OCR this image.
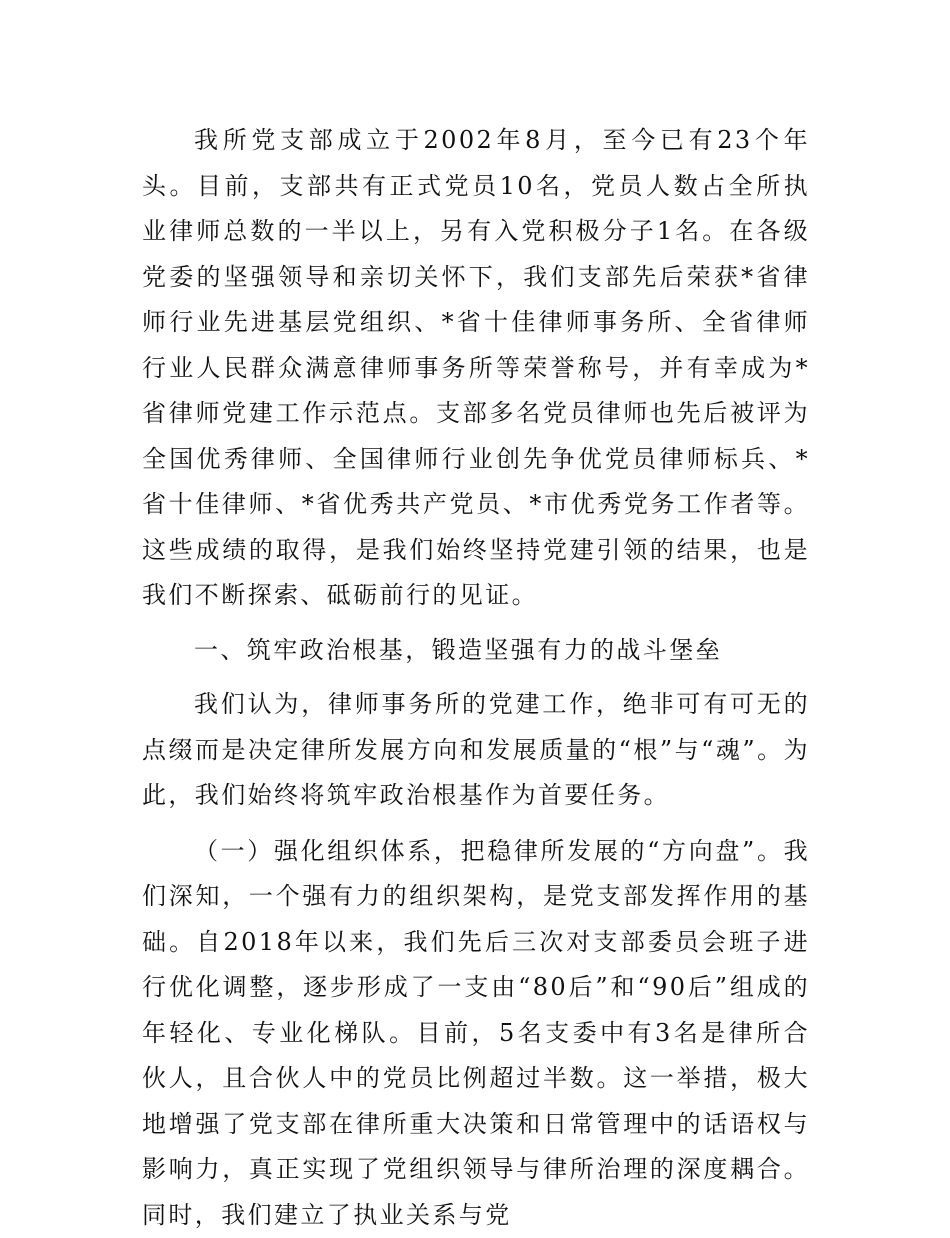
我所党支部成立于2002年8月，至今已有23个年头。目前，支部共有正式党员10名，党员人数占全所执业律师总数的一半以上，另有入党积极分子1名。在各级党委的坚强领导和亲切关怀下，我们支部先后荣获*省律师行业先进基层党组织、*省十佳律师事务所、全省律师行业人民群众满意律师事务所等荣誉称号，并有幸成为*省律师党建工作示范点。支部多名党员律师也先后被评为全国优秀律师、全国律师行业创先争优党员律师标兵、*省十佳律师、*省优秀共产党员、*市优秀党务工作者等。这些成绩的取得，是我们始终坚持党建引领的结果，也是我们不断探索、砥砺前行的见证。

一、筑牢政治根基，锻造坚强有力的战斗堡垒

我们认为，律师事务所的党建工作，绝非可有可无的点缀而是决定律所发展方向和发展质量的“根”与“魂”。为此，我们始终将筑牢政治根基作为首要任务。

（一）强化组织体系，把稳律所发展的“方向盘”。我们深知，一个强有力的组织架构，是党支部发挥作用的基础。自2018年以来，我们先后三次对支部委员会班子进行优化调整，逐步形成了一支由“80后”和“90后”组成的年轻化、专业化梯队。目前，5名支委中有3名是律所合伙人，且合伙人中的党员比例超过半数。这一举措，极大地增强了党支部在律所重大决策和日常管理中的话语权与影响力，真正实现了党组织领导与律所治理的深度耦合。同时，我们建立了执业关系与党
